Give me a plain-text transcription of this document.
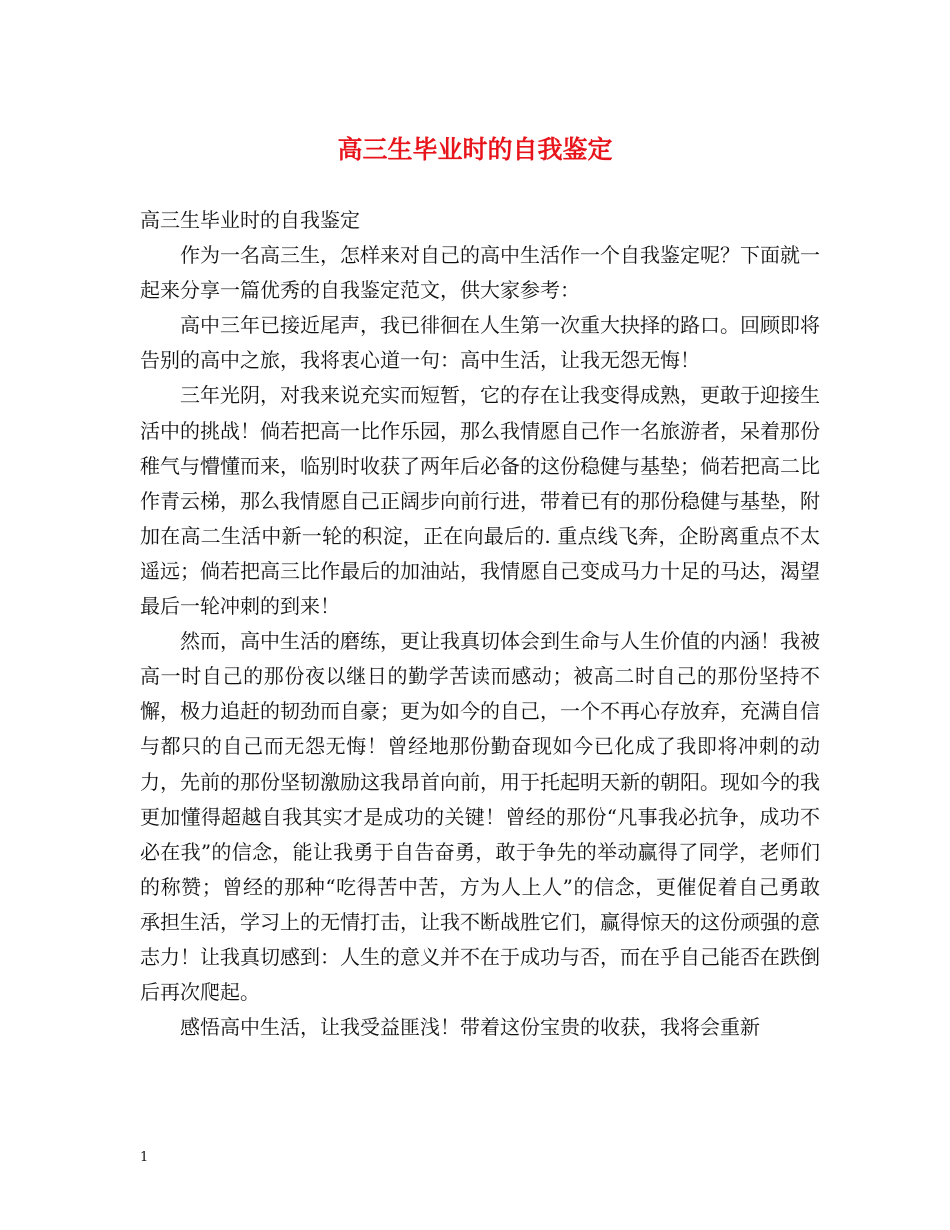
高三生毕业时的自我鉴定

高三生毕业时的自我鉴定

作为一名高三生，怎样来对自己的高中生活作一个自我鉴定呢？下面就一起来分享一篇优秀的自我鉴定范文，供大家参考：

高中三年已接近尾声，我已徘徊在人生第一次重大抉择的路口。回顾即将告别的高中之旅，我将衷心道一句：高中生活，让我无怨无悔！

三年光阴，对我来说充实而短暂，它的存在让我变得成熟，更敢于迎接生活中的挑战！倘若把高一比作乐园，那么我情愿自己作一名旅游者，呆着那份稚气与懵懂而来，临别时收获了两年后必备的这份稳健与基垫；倘若把高二比作青云梯，那么我情愿自己正阔步向前行进，带着已有的那份稳健与基垫，附加在高二生活中新一轮的积淀，正在向最后的. 重点线飞奔，企盼离重点不太遥远；倘若把高三比作最后的加油站，我情愿自己变成马力十足的马达，渴望最后一轮冲刺的到来！

然而，高中生活的磨练，更让我真切体会到生命与人生价值的内涵！我被高一时自己的那份夜以继日的勤学苦读而感动；被高二时自己的那份坚持不懈，极力追赶的韧劲而自豪；更为如今的自己，一个不再心存放弃，充满自信与都只的自己而无怨无悔！曾经地那份勤奋现如今已化成了我即将冲刺的动力，先前的那份坚韧激励这我昂首向前，用于托起明天新的朝阳。现如今的我更加懂得超越自我其实才是成功的关键！曾经的那份“凡事我必抗争，成功不必在我”的信念，能让我勇于自告奋勇，敢于争先的举动赢得了同学，老师们的称赞；曾经的那种“吃得苦中苦，方为人上人”的信念，更催促着自己勇敢承担生活，学习上的无情打击，让我不断战胜它们，赢得惊天的这份顽强的意志力！让我真切感到：人生的意义并不在于成功与否，而在乎自己能否在跌倒后再次爬起。

感悟高中生活，让我受益匪浅！带着这份宝贵的收获，我将会重新

1
